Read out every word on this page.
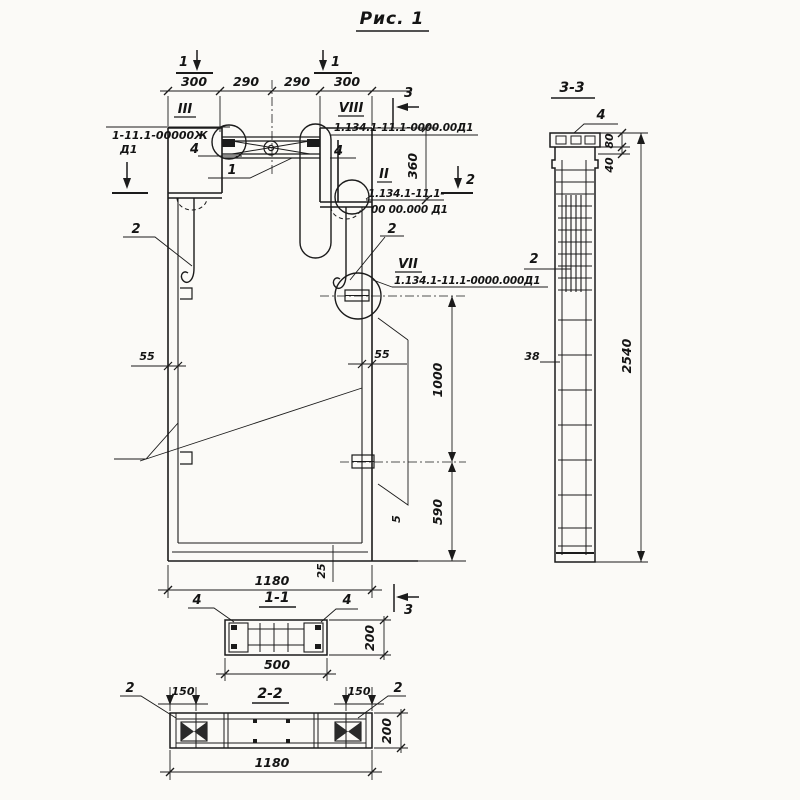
Рис. 1
1	1
2
3
3
300 290 290 300
III	VIII
1-11.1-00000Ж
Д1	4
1.134.1-11.1-0000.00Д1
4
II
1.134.1-11.1-
00 00.000 Д1
VII
1.134.1-11.1-0000.000Д1
1
2	2
5
55	55
25
360
1000
590
2
1180
1-1
4	4
500
200
2-2
2	2
150	150
1180
200
3-3
4
38
80
40
2540
